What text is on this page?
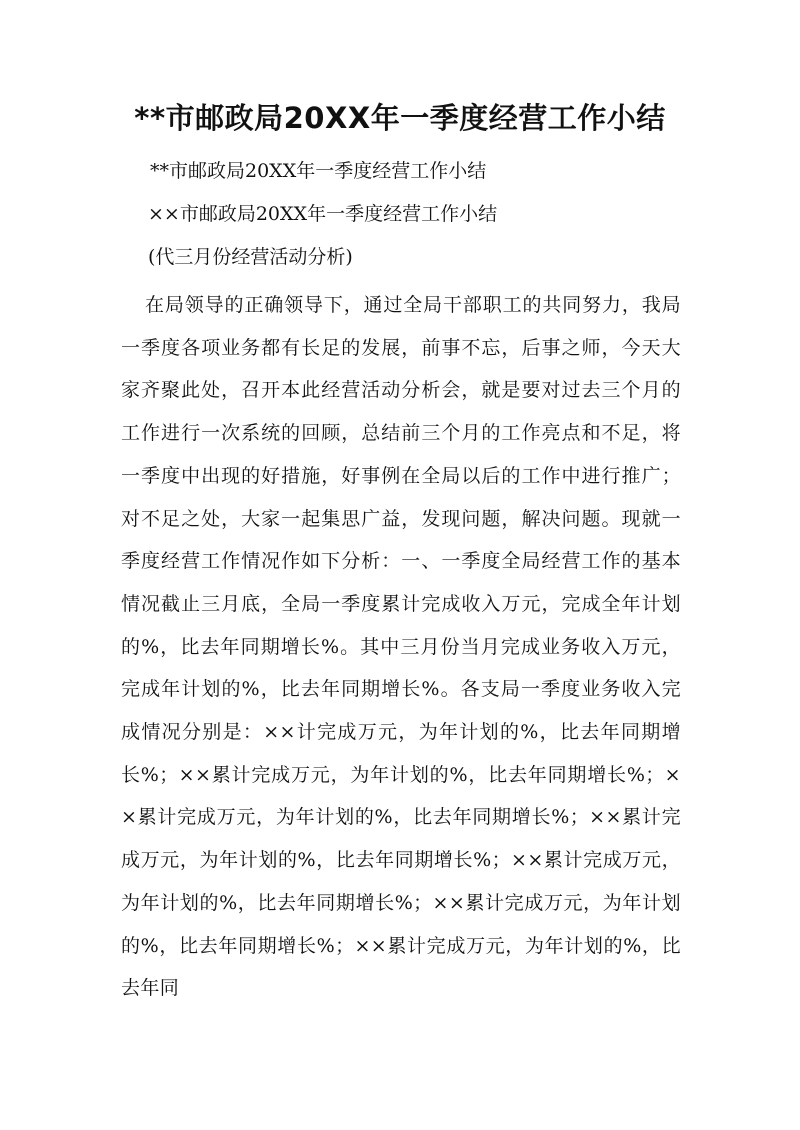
**市邮政局20XX年一季度经营工作小结
**市邮政局20XX年一季度经营工作小结
××市邮政局20XX年一季度经营工作小结
(代三月份经营活动分析)
在局领导的正确领导下，通过全局干部职工的共同努力，我局一季度各项业务都有长足的发展，前事不忘，后事之师，今天大家齐聚此处，召开本此经营活动分析会，就是要对过去三个月的工作进行一次系统的回顾，总结前三个月的工作亮点和不足，将一季度中出现的好措施，好事例在全局以后的工作中进行推广；对不足之处，大家一起集思广益，发现问题，解决问题。现就一季度经营工作情况作如下分析：一、一季度全局经营工作的基本情况截止三月底，全局一季度累计完成收入万元，完成全年计划的%，比去年同期增长%。其中三月份当月完成业务收入万元，完成年计划的%，比去年同期增长%。各支局一季度业务收入完成情况分别是：××计完成万元，为年计划的%，比去年同期增长%；××累计完成万元，为年计划的%，比去年同期增长%；××累计完成万元，为年计划的%，比去年同期增长%；××累计完成万元，为年计划的%，比去年同期增长%；××累计完成万元，为年计划的%，比去年同期增长%；××累计完成万元，为年计划的%，比去年同期增长%；××累计完成万元，为年计划的%，比去年同
